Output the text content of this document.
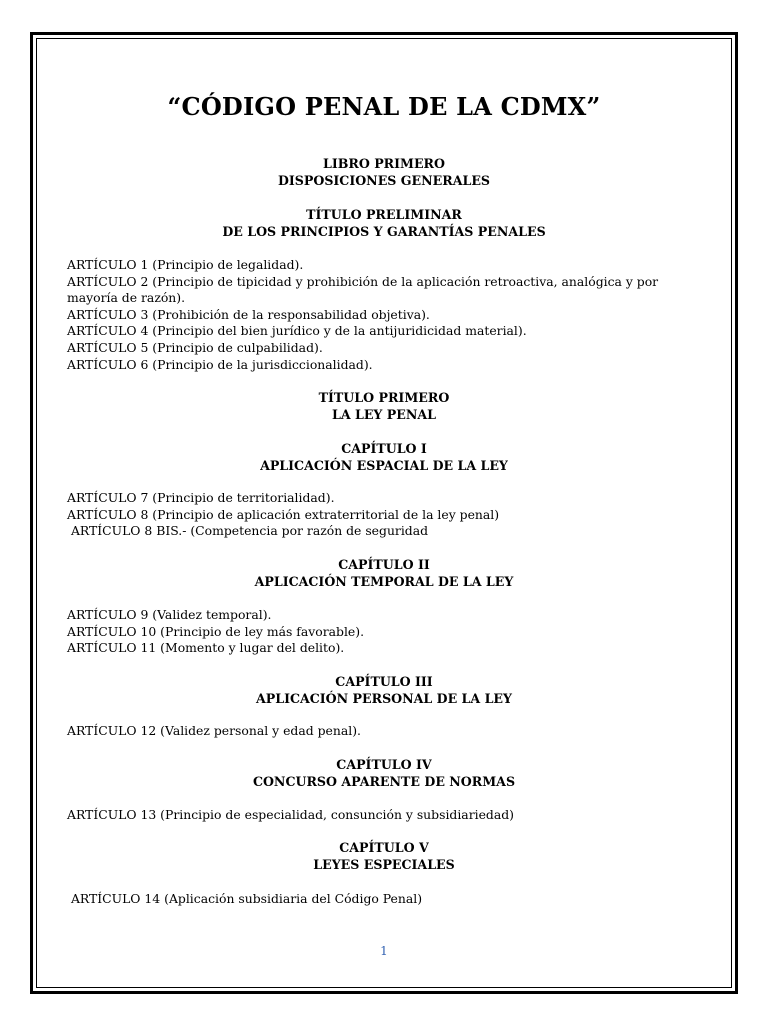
“CÓDIGO PENAL DE LA CDMX”
LIBRO PRIMERO
DISPOSICIONES GENERALES
TÍTULO PRELIMINAR
DE LOS PRINCIPIOS Y GARANTÍAS PENALES
ARTÍCULO 1 (Principio de legalidad).
ARTÍCULO 2 (Principio de tipicidad y prohibición de la aplicación retroactiva, analógica y por mayoría de razón).
ARTÍCULO 3 (Prohibición de la responsabilidad objetiva).
ARTÍCULO 4 (Principio del bien jurídico y de la antijuridicidad material).
ARTÍCULO 5 (Principio de culpabilidad).
ARTÍCULO 6 (Principio de la jurisdiccionalidad).
TÍTULO PRIMERO
LA LEY PENAL
CAPÍTULO I
APLICACIÓN ESPACIAL DE LA LEY
ARTÍCULO 7 (Principio de territorialidad).
ARTÍCULO 8 (Principio de aplicación extraterritorial de la ley penal)
ARTÍCULO 8 BIS.- (Competencia por razón de seguridad
CAPÍTULO II
APLICACIÓN TEMPORAL DE LA LEY
ARTÍCULO 9 (Validez temporal).
ARTÍCULO 10 (Principio de ley más favorable).
ARTÍCULO 11 (Momento y lugar del delito).
CAPÍTULO III
APLICACIÓN PERSONAL DE LA LEY
ARTÍCULO 12 (Validez personal y edad penal).
CAPÍTULO IV
CONCURSO APARENTE DE NORMAS
ARTÍCULO 13 (Principio de especialidad, consunción y subsidiariedad)
CAPÍTULO V
LEYES ESPECIALES
ARTÍCULO 14 (Aplicación subsidiaria del Código Penal)
1
